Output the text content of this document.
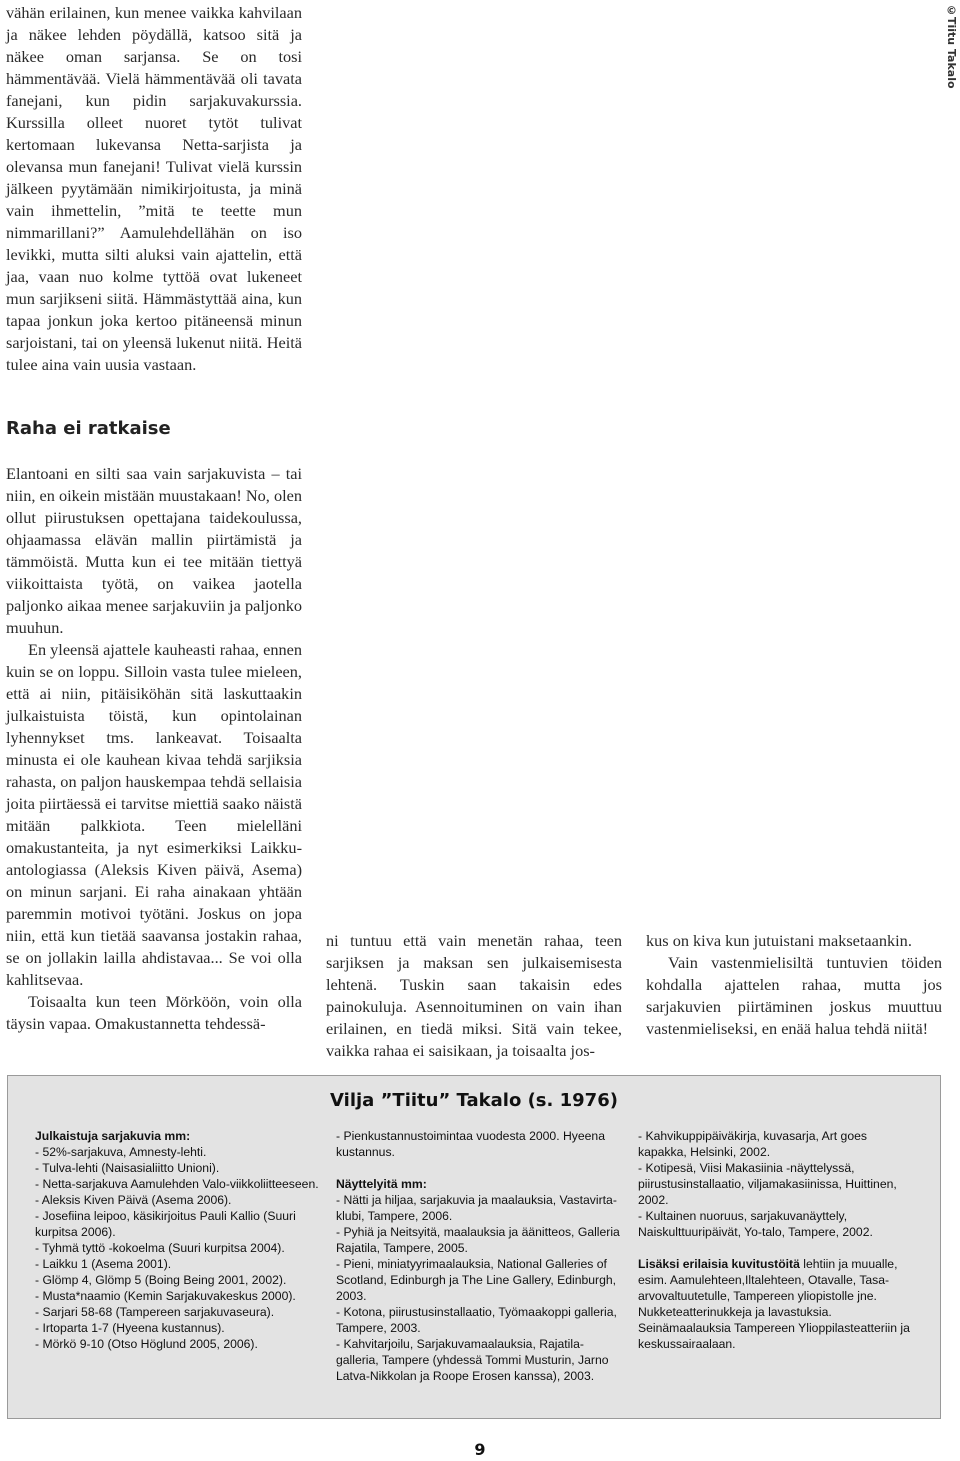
©Tiitu Takalo

vähän erilainen, kun menee vaikka kahvilaan ja näkee lehden pöydällä, katsoo sitä ja näkee oman sarjansa. Se on tosi hämmentävää. Vielä hämmentävää oli tavata fanejani, kun pidin sarjakuvakurssia. Kurssilla olleet nuoret tytöt tulivat kertomaan lukevansa Netta-sarjista ja olevansa mun fanejani! Tulivat vielä kurssin jälkeen pyytämään nimikirjoitusta, ja minä vain ihmettelin, ”mitä te teette mun nimmarillani?” Aamulehdellähän on iso levikki, mutta silti aluksi vain ajattelin, että jaa, vaan nuo kolme tyttöä ovat lukeneet mun sarjikseni siitä. Hämmästyttää aina, kun tapaa jonkun joka kertoo pitäneensä minun sarjoistani, tai on yleensä lukenut niitä. Heitä tulee aina vain uusia vastaan.

Raha ei ratkaise

Elantoani en silti saa vain sarjakuvista – tai niin, en oikein mistään muustakaan! No, olen ollut piirustuksen opettajana taidekoulussa, ohjaamassa elävän mallin piirtämistä ja tämmöistä. Mutta kun ei tee mitään tiettyä viikoittaista työtä, on vaikea jaotella paljonko aikaa menee sarjakuviin ja paljonko muuhun.

En yleensä ajattele kauheasti rahaa, ennen kuin se on loppu. Silloin vasta tulee mieleen, että ai niin, pitäisiköhän sitä laskuttaakin julkaistuista töistä, kun opintolainan lyhennykset tms. lankeavat. Toisaalta minusta ei ole kauhean kivaa tehdä sarjiksia rahasta, on paljon hauskempaa tehdä sellaisia joita piirtäessä ei tarvitse miettiä saako näistä mitään palkkiota. Teen mielelläni omakustanteita, ja nyt esimerkiksi Laikku-antologiassa (Aleksis Kiven päivä, Asema) on minun sarjani. Ei raha ainakaan yhtään paremmin motivoi työtäni. Joskus on jopa niin, että kun tietää saavansa jostakin rahaa, se on jollakin lailla ahdistavaa... Se voi olla kahlitsevaa.

Toisaalta kun teen Mörköön, voin olla täysin vapaa. Omakustannetta tehdessä-

ni tuntuu että vain menetän rahaa, teen sarjiksen ja maksan sen julkaisemisesta lehtenä. Tuskin saan takaisin edes painokuluja. Asennoituminen on vain ihan erilainen, en tiedä miksi. Sitä vain tekee, vaikka rahaa ei saisikaan, ja toisaalta jos-

kus on kiva kun jutuistani maksetaankin.

Vain vastenmielisiltä tuntuvien töiden kohdalla ajattelen rahaa, mutta jos sarjakuvien piirtäminen joskus muuttuu vastenmieliseksi, en enää halua tehdä niitä!

Vilja ”Tiitu” Takalo (s. 1976)

Julkaistuja sarjakuvia mm:

- 52%-sarjakuva, Amnesty-lehti.

- Tulva-lehti (Naisasialiitto Unioni).

- Netta-sarjakuva Aamulehden Valo-viikkoliitteeseen.

- Aleksis Kiven Päivä (Asema 2006).

- Josefiina leipoo, käsikirjoitus Pauli Kallio (Suuri kurpitsa 2006).

- Tyhmä tyttö -kokoelma (Suuri kurpitsa 2004).

- Laikku 1 (Asema 2001).

- Glömp 4, Glömp 5 (Boing Being 2001, 2002).

- Musta*naamio (Kemin Sarjakuvakeskus 2000).

- Sarjari 58-68 (Tampereen sarjakuvaseura).

- Irtoparta 1-7 (Hyeena kustannus).

- Mörkö 9-10 (Otso Höglund 2005, 2006).

- Pienkustannustoimintaa vuodesta 2000. Hyeena kustannus.

Näyttelyitä mm:

- Nätti ja hiljaa, sarjakuvia ja maalauksia, Vastavirta-klubi, Tampere, 2006.

- Pyhiä ja Neitsyitä, maalauksia ja äänitteos, Galleria Rajatila, Tampere, 2005.

- Pieni, miniatyyrimaalauksia, National Galleries of Scotland, Edinburgh ja The Line Gallery, Edinburgh, 2003.

- Kotona, piirustusinstallaatio, Työmaakoppi galleria, Tampere, 2003.

- Kahvitarjoilu, Sarjakuvamaalauksia, Rajatila-galleria, Tampere (yhdessä Tommi Musturin, Jarno Latva-Nikkolan ja Roope Erosen kanssa), 2003.

- Kahvikuppipäiväkirja, kuvasarja, Art goes kapakka, Helsinki, 2002.

- Kotipesä, Viisi Makasiinia -näyttelyssä, piirustusinstallaatio, viljamakasiinissa, Huittinen, 2002.

- Kultainen nuoruus, sarjakuvanäyttely, Naiskulttuuripäivät, Yo-talo, Tampere, 2002.

Lisäksi erilaisia kuvitustöitä lehtiin ja muualle, esim. Aamulehteen,Iltalehteen, Otavalle, Tasa-arvovaltuutetulle, Tampereen yliopistolle jne. Nukketeatterinukkeja ja lavastuksia. Seinämaalauksia Tampereen Ylioppilasteatteriin ja keskussairaalaan.

9
